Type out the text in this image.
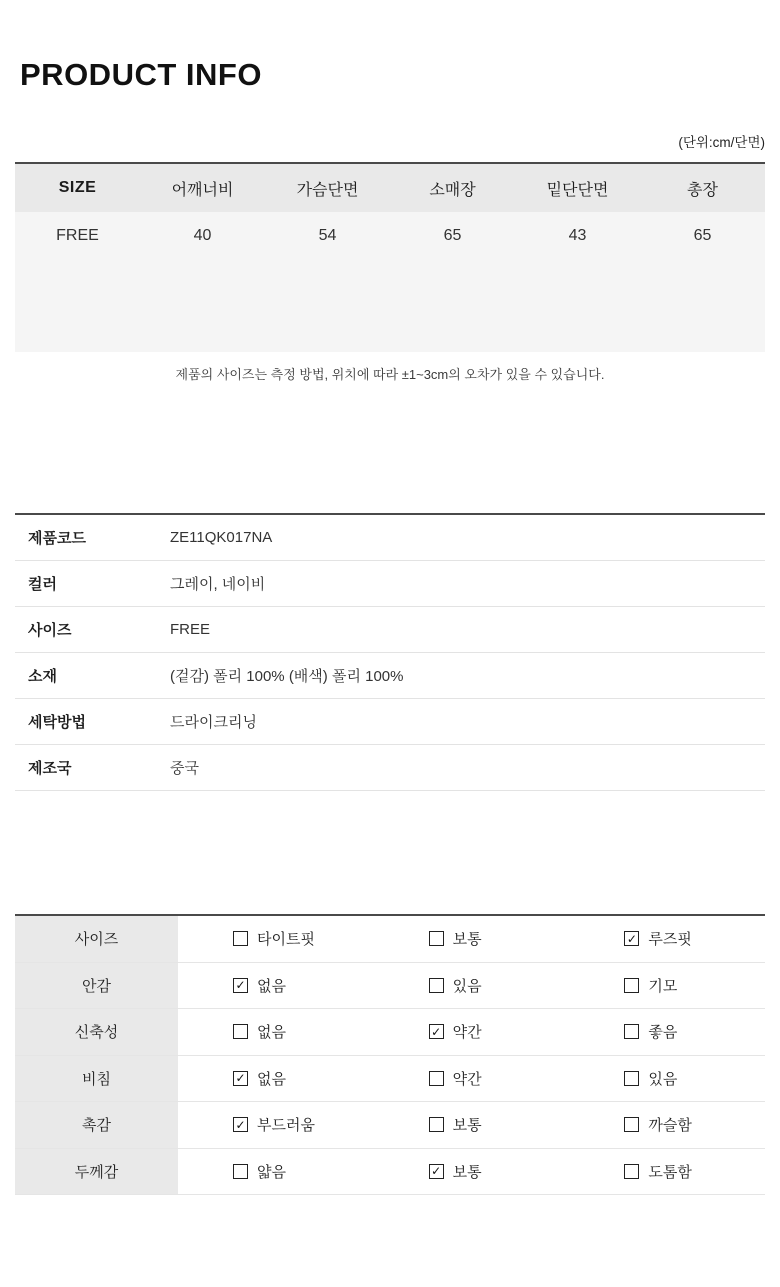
PRODUCT INFO
(단위:cm/단면)
SIZE	어깨너비	가슴단면	소매장	밑단단면	총장
FREE	40	54	65	43	65

제품의 사이즈는 측정 방법, 위치에 따라 ±1~3cm의 오차가 있을 수 있습니다.

제품코드	ZE11QK017NA
컬러	그레이, 네이비
사이즈	FREE
소재	(겉감) 폴리 100% (배색) 폴리 100%
세탁방법	드라이크리닝
제조국	중국
사이즈	타이트핏	보통	✓ 루즈핏
안감	✓ 없음	있음	기모
신축성	없음	✓ 약간	좋음
비침	✓ 없음	약간	있음
촉감	✓ 부드러움	보통	까슬함
두께감	얇음	✓ 보통	도톰함
